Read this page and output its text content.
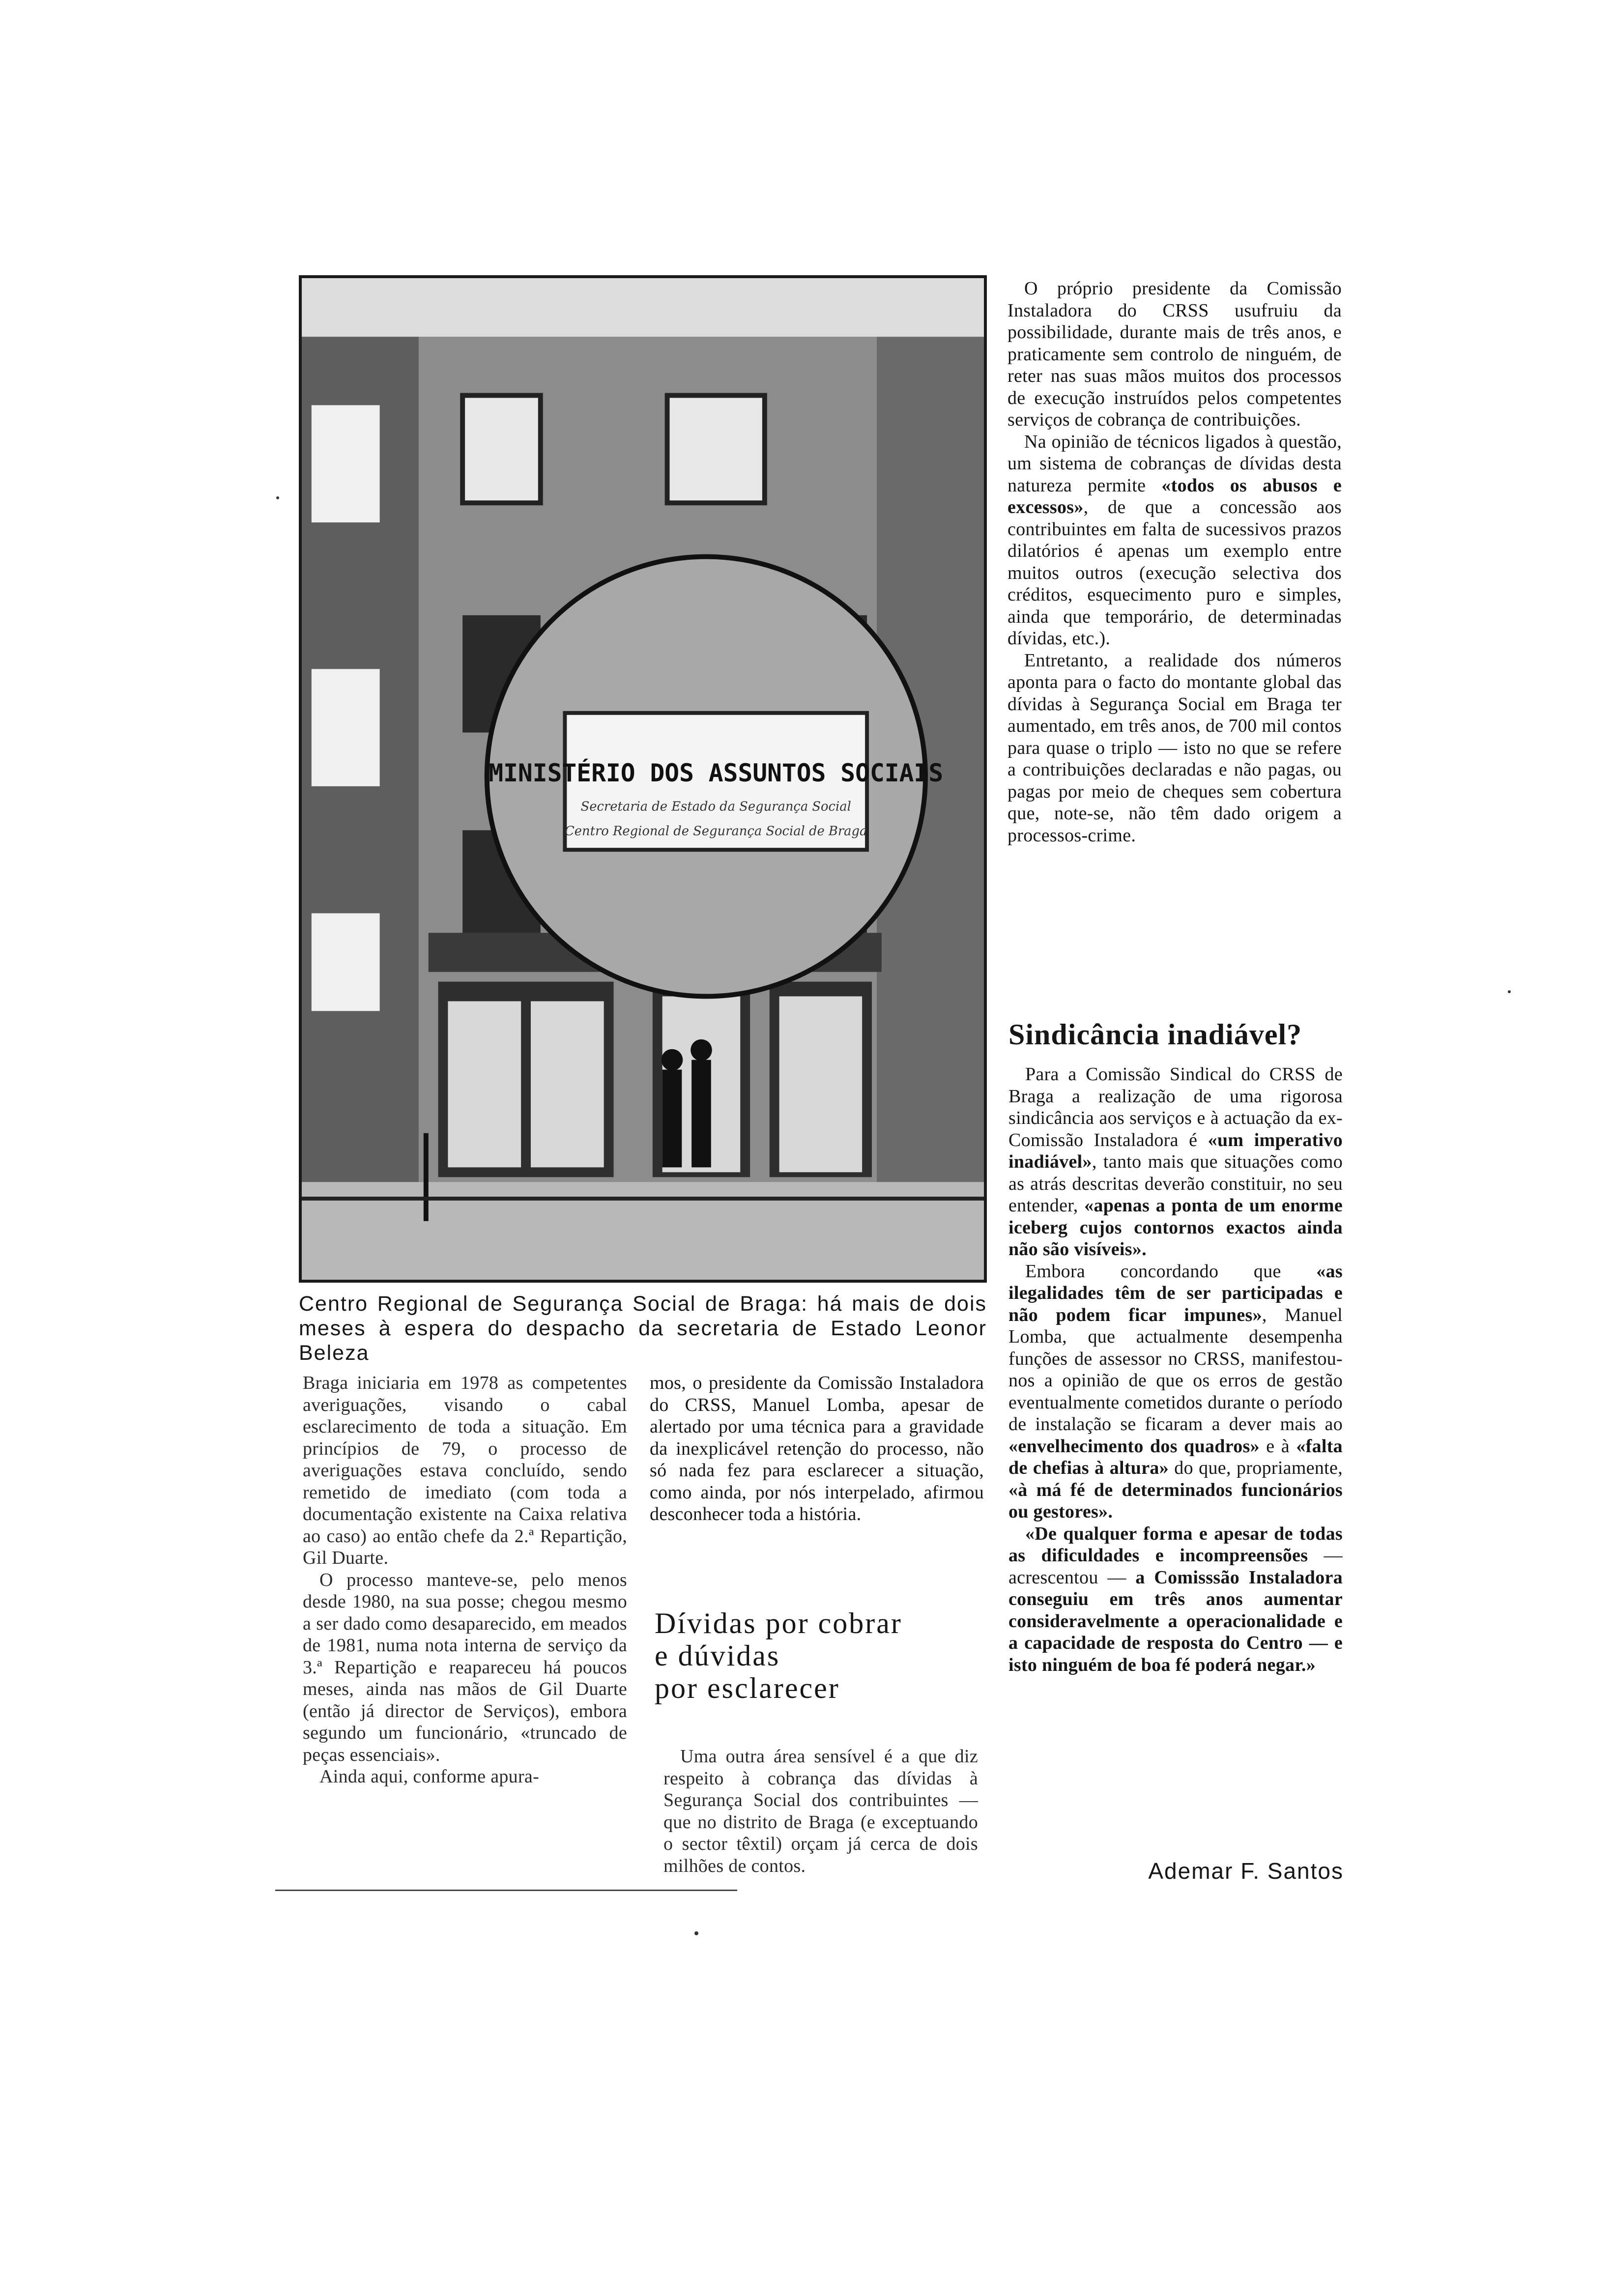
MINISTÉRIO DOS ASSUNTOS SOCIAIS
Secretaria de Estado da Segurança Social
Centro Regional de Segurança Social de Braga
Centro Regional de Segurança Social de Braga: há mais de dois meses à espera do despacho da secretaria de Estado Leonor Beleza

Braga iniciaria em 1978 as competentes averiguações, visando o cabal esclarecimento de toda a situação. Em princípios de 79, o processo de averiguações estava concluído, sendo remetido de imediato (com toda a documentação existente na Caixa relativa ao caso) ao então chefe da 2.ª Repartição, Gil Duarte.

O processo manteve-se, pelo menos desde 1980, na sua posse; chegou mesmo a ser dado como desaparecido, em meados de 1981, numa nota interna de serviço da 3.ª Repartição e reapareceu há poucos meses, ainda nas mãos de Gil Duarte (então já director de Serviços), embora segundo um funcionário, «truncado de peças essenciais».

Ainda aqui, conforme apura-

mos, o presidente da Comissão Instaladora do CRSS, Manuel Lomba, apesar de alertado por uma técnica para a gravidade da inexplicável retenção do processo, não só nada fez para esclarecer a situação, como ainda, por nós interpelado, afirmou desconhecer toda a história.

Dívidas por cobrar
e dúvidas
por esclarecer

Uma outra área sensível é a que diz respeito à cobrança das dívidas à Segurança Social dos contribuintes — que no distrito de Braga (e exceptuando o sector têxtil) orçam já cerca de dois milhões de contos.

O próprio presidente da Comissão Instaladora do CRSS usufruiu da possibilidade, durante mais de três anos, e praticamente sem controlo de ninguém, de reter nas suas mãos muitos dos processos de execução instruídos pelos competentes serviços de cobrança de contribuições.

Na opinião de técnicos ligados à questão, um sistema de cobranças de dívidas desta natureza permite «todos os abusos e excessos», de que a concessão aos contribuintes em falta de sucessivos prazos dilatórios é apenas um exemplo entre muitos outros (execução selectiva dos créditos, esquecimento puro e simples, ainda que temporário, de determinadas dívidas, etc.).

Entretanto, a realidade dos números aponta para o facto do montante global das dívidas à Segurança Social em Braga ter aumentado, em três anos, de 700 mil contos para quase o triplo — isto no que se refere a contribuições declaradas e não pagas, ou pagas por meio de cheques sem cobertura que, note-se, não têm dado origem a processos-crime.

Sindicância inadiável?

Para a Comissão Sindical do CRSS de Braga a realização de uma rigorosa sindicância aos serviços e à actuação da ex-Comissão Instaladora é «um imperativo inadiável», tanto mais que situações como as atrás descritas deverão constituir, no seu entender, «apenas a ponta de um enorme iceberg cujos contornos exactos ainda não são visíveis».

Embora concordando que «as ilegalidades têm de ser participadas e não podem ficar impunes», Manuel Lomba, que actualmente desempenha funções de assessor no CRSS, manifestou-nos a opinião de que os erros de gestão eventualmente cometidos durante o período de instalação se ficaram a dever mais ao «envelhecimento dos quadros» e à «falta de chefias à altura» do que, propriamente, «à má fé de determinados funcionários ou gestores».

«De qualquer forma e apesar de todas as dificuldades e incompreensões — acrescentou — a Comisssão Instaladora conseguiu em três anos aumentar consideravelmente a operacionalidade e a capacidade de resposta do Centro — e isto ninguém de boa fé poderá negar.»

Ademar F. Santos
